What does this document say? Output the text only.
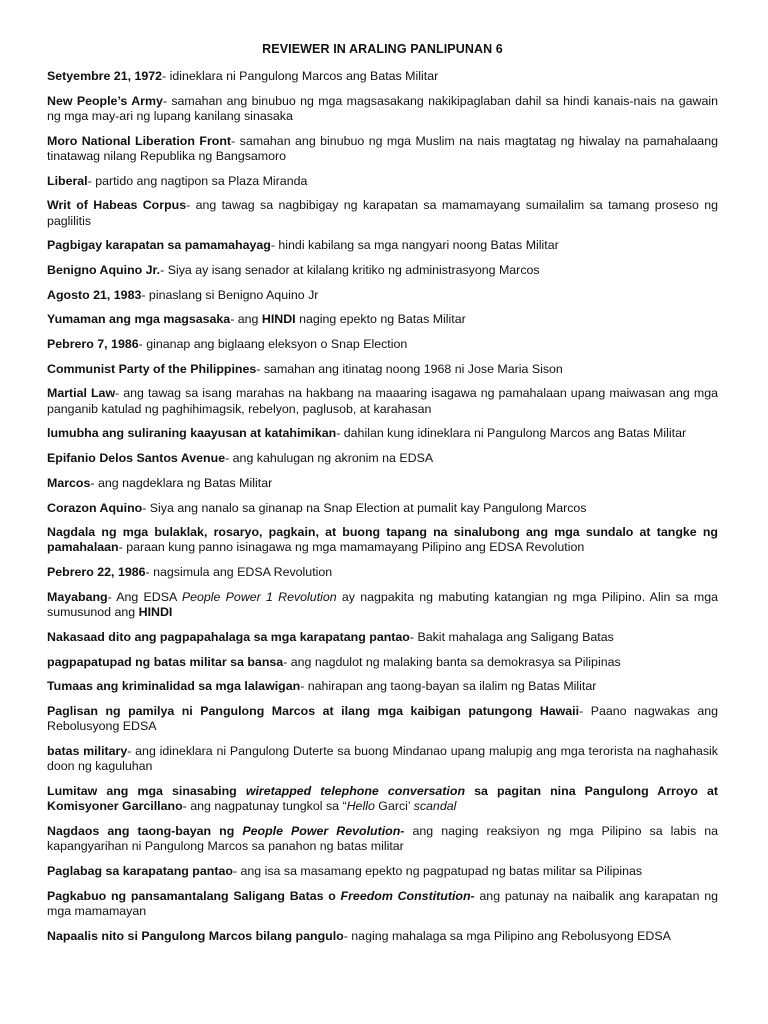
REVIEWER IN ARALING PANLIPUNAN 6

Setyembre 21, 1972- idineklara ni Pangulong Marcos ang Batas Militar

New People’s Army- samahan ang binubuo ng mga magsasakang nakikipaglaban dahil sa hindi kanais-nais na gawain ng mga may-ari ng lupang kanilang sinasaka

Moro National Liberation Front- samahan ang binubuo ng mga Muslim na nais magtatag ng hiwalay na pamahalaang tinatawag nilang Republika ng Bangsamoro

Liberal- partido ang nagtipon sa Plaza Miranda

Writ of Habeas Corpus- ang tawag sa nagbibigay ng karapatan sa mamamayang sumailalim sa tamang proseso ng paglilitis

Pagbigay karapatan sa pamamahayag- hindi kabilang sa mga nangyari noong Batas Militar

Benigno Aquino Jr.- Siya ay isang senador at kilalang kritiko ng administrasyong Marcos

Agosto 21, 1983- pinaslang si Benigno Aquino Jr

Yumaman ang mga magsasaka- ang HINDI naging epekto ng Batas Militar

Pebrero 7, 1986- ginanap ang biglaang eleksyon o Snap Election

Communist Party of the Philippines- samahan ang itinatag noong 1968 ni Jose Maria Sison

Martial Law- ang tawag sa isang marahas na hakbang na maaaring isagawa ng pamahalaan upang maiwasan ang mga panganib katulad ng paghihimagsik, rebelyon, paglusob, at karahasan

lumubha ang suliraning kaayusan at katahimikan- dahilan kung idineklara ni Pangulong Marcos ang Batas Militar

Epifanio Delos Santos Avenue- ang kahulugan ng akronim na EDSA

Marcos- ang nagdeklara ng Batas Militar

Corazon Aquino- Siya ang nanalo sa ginanap na Snap Election at pumalit kay Pangulong Marcos

Nagdala ng mga bulaklak, rosaryo, pagkain, at buong tapang na sinalubong ang mga sundalo at tangke ng pamahalaan- paraan kung panno isinagawa ng mga mamamayang Pilipino ang EDSA Revolution

Pebrero 22, 1986- nagsimula ang EDSA Revolution

Mayabang- Ang EDSA People Power 1 Revolution ay nagpakita ng mabuting katangian ng mga Pilipino. Alin sa mga sumusunod ang HINDI

Nakasaad dito ang pagpapahalaga sa mga karapatang pantao- Bakit mahalaga ang Saligang Batas

pagpapatupad ng batas militar sa bansa- ang nagdulot ng malaking banta sa demokrasya sa Pilipinas

Tumaas ang kriminalidad sa mga lalawigan- nahirapan ang taong-bayan sa ilalim ng Batas Militar

Paglisan ng pamilya ni Pangulong Marcos at ilang mga kaibigan patungong Hawaii- Paano nagwakas ang Rebolusyong EDSA

batas military- ang idineklara ni Pangulong Duterte sa buong Mindanao upang malupig ang mga terorista na naghahasik doon ng kaguluhan

Lumitaw ang mga sinasabing wiretapped telephone conversation sa pagitan nina Pangulong Arroyo at Komisyoner Garcillano- ang nagpatunay tungkol sa “Hello Garci’ scandal

Nagdaos ang taong-bayan ng People Power Revolution- ang naging reaksiyon ng mga Pilipino sa labis na kapangyarihan ni Pangulong Marcos sa panahon ng batas militar

Paglabag sa karapatang pantao- ang isa sa masamang epekto ng pagpatupad ng batas militar sa Pilipinas

Pagkabuo ng pansamantalang Saligang Batas o Freedom Constitution- ang patunay na naibalik ang karapatan ng mga mamamayan

Napaalis nito si Pangulong Marcos bilang pangulo- naging mahalaga sa mga Pilipino ang Rebolusyong EDSA
